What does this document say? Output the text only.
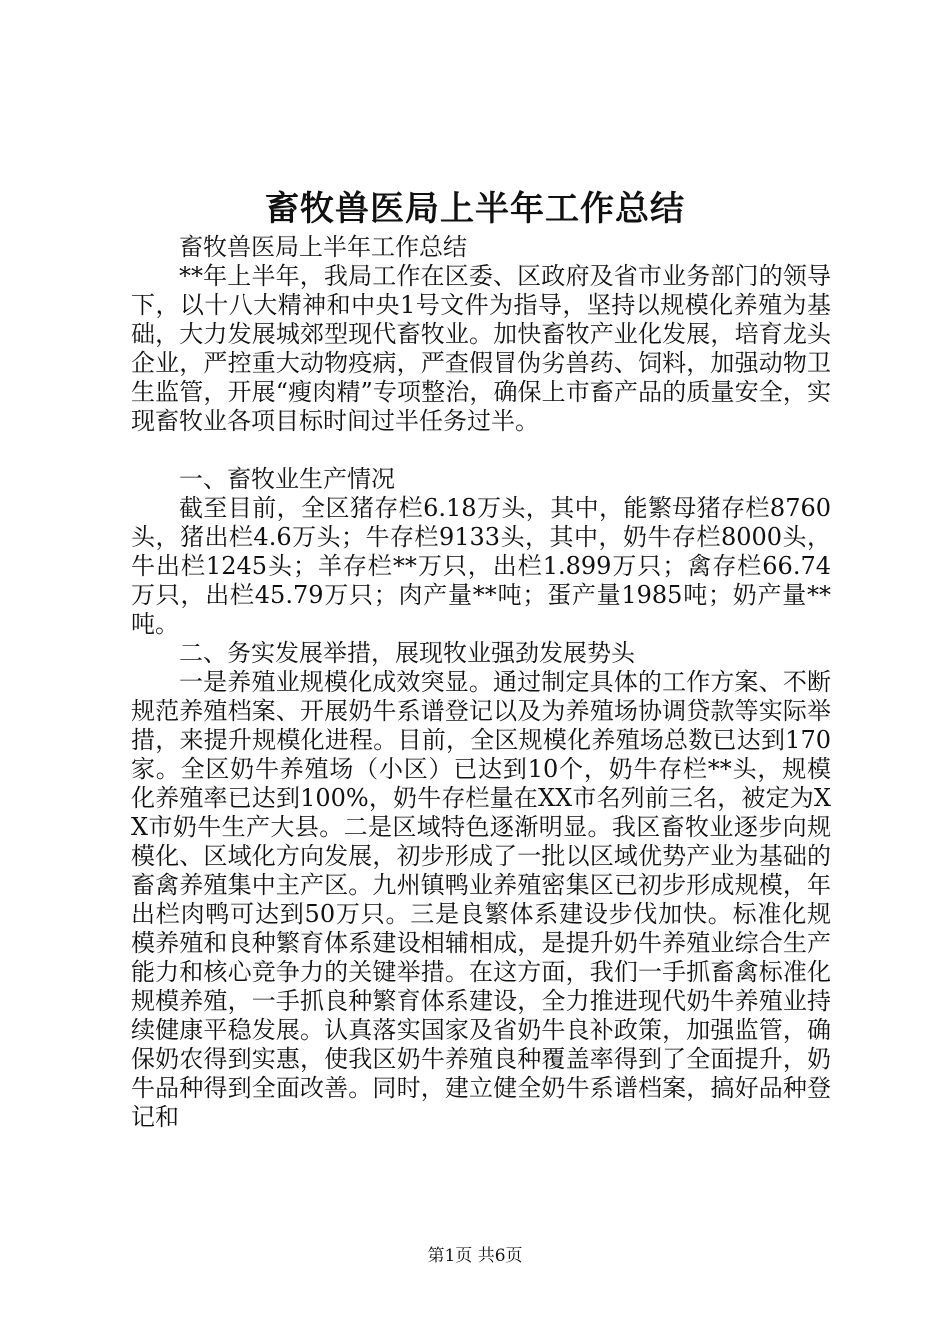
畜牧兽医局上半年工作总结

畜牧兽医局上半年工作总结

**年上半年，我局工作在区委、区政府及省市业务部门的领导下，以十八大精神和中央1号文件为指导，坚持以规模化养殖为基础，大力发展城郊型现代畜牧业。加快畜牧产业化发展，培育龙头企业，严控重大动物疫病，严查假冒伪劣兽药、饲料，加强动物卫生监管，开展“瘦肉精”专项整治，确保上市畜产品的质量安全，实现畜牧业各项目标时间过半任务过半。

一、畜牧业生产情况

截至目前，全区猪存栏6.18万头，其中，能繁母猪存栏8760头，猪出栏4.6万头；牛存栏9133头，其中，奶牛存栏8000头，牛出栏1245头；羊存栏**万只，出栏1.899万只；禽存栏66.74万只，出栏45.79万只；肉产量**吨；蛋产量1985吨；奶产量**吨。

二、务实发展举措，展现牧业强劲发展势头

一是养殖业规模化成效突显。通过制定具体的工作方案、不断规范养殖档案、开展奶牛系谱登记以及为养殖场协调贷款等实际举措，来提升规模化进程。目前，全区规模化养殖场总数已达到170家。全区奶牛养殖场（小区）已达到10个，奶牛存栏**头，规模化养殖率已达到100%，奶牛存栏量在XX市名列前三名，被定为XX市奶牛生产大县。二是区域特色逐渐明显。我区畜牧业逐步向规模化、区域化方向发展，初步形成了一批以区域优势产业为基础的畜禽养殖集中主产区。九州镇鸭业养殖密集区已初步形成规模，年出栏肉鸭可达到50万只。三是良繁体系建设步伐加快。标准化规模养殖和良种繁育体系建设相辅相成，是提升奶牛养殖业综合生产能力和核心竞争力的关键举措。在这方面，我们一手抓畜禽标准化规模养殖，一手抓良种繁育体系建设，全力推进现代奶牛养殖业持续健康平稳发展。认真落实国家及省奶牛良补政策，加强监管，确保奶农得到实惠，使我区奶牛养殖良种覆盖率得到了全面提升，奶牛品种得到全面改善。同时，建立健全奶牛系谱档案，搞好品种登记和

第1页 共6页
